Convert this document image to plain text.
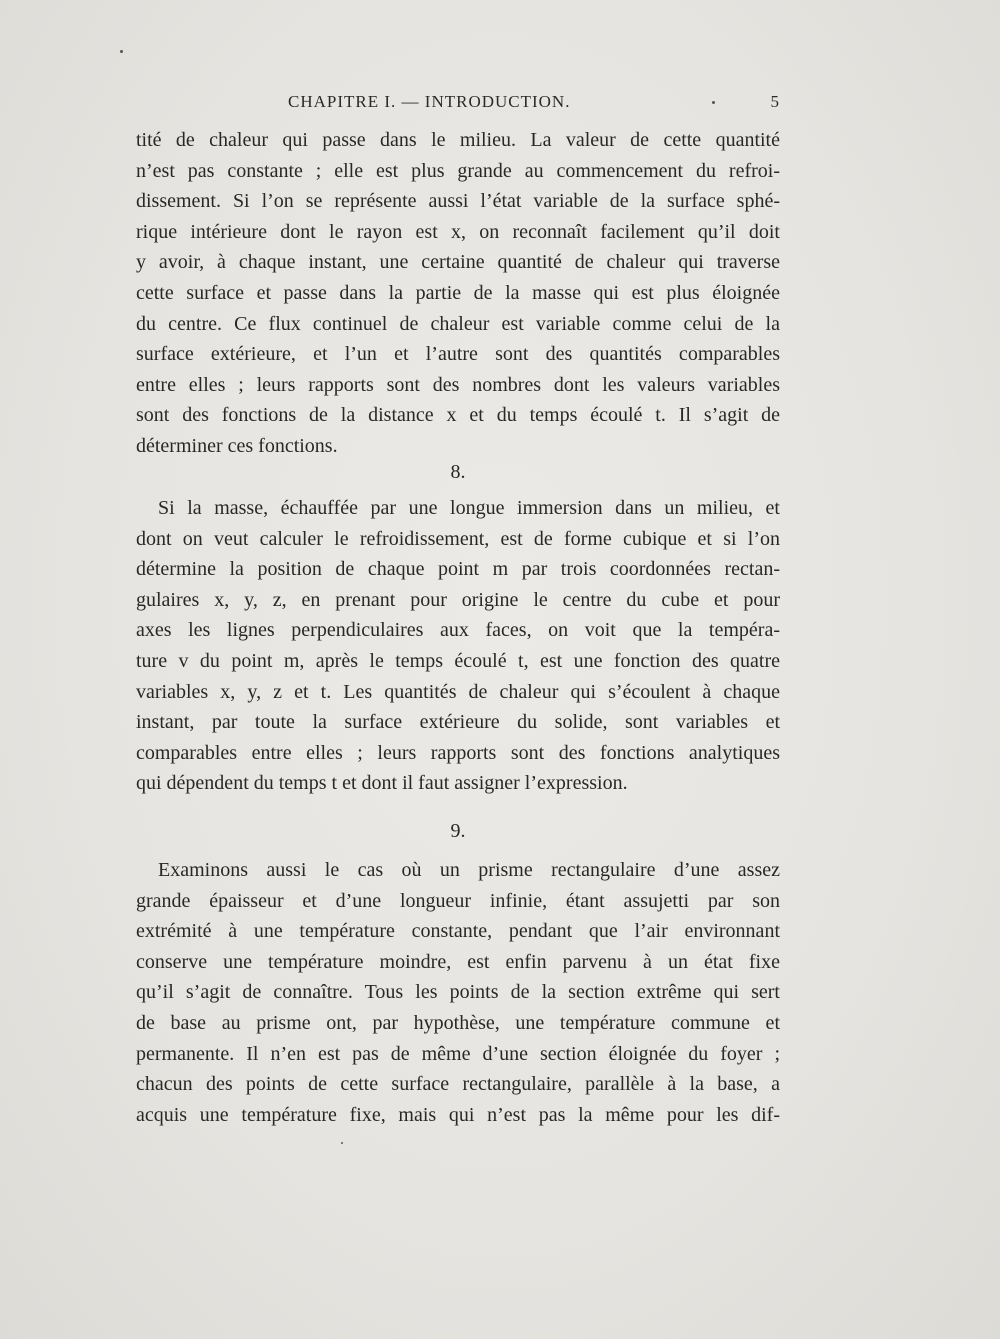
CHAPITRE I. — INTRODUCTION.	5
tité de chaleur qui passe dans le milieu. La valeur de cette quantité
n’est pas constante ; elle est plus grande au commencement du refroi-
dissement. Si l’on se représente aussi l’état variable de la surface sphé-
rique intérieure dont le rayon est x, on reconnaît facilement qu’il doit
y avoir, à chaque instant, une certaine quantité de chaleur qui traverse
cette surface et passe dans la partie de la masse qui est plus éloignée
du centre. Ce flux continuel de chaleur est variable comme celui de la
surface extérieure, et l’un et l’autre sont des quantités comparables
entre elles ; leurs rapports sont des nombres dont les valeurs variables
sont des fonctions de la distance x et du temps écoulé t. Il s’agit de
déterminer ces fonctions.
8.
Si la masse, échauffée par une longue immersion dans un milieu, et
dont on veut calculer le refroidissement, est de forme cubique et si l’on
détermine la position de chaque point m par trois coordonnées rectan-
gulaires x, y, z, en prenant pour origine le centre du cube et pour
axes les lignes perpendiculaires aux faces, on voit que la tempéra-
ture v du point m, après le temps écoulé t, est une fonction des quatre
variables x, y, z et t. Les quantités de chaleur qui s’écoulent à chaque
instant, par toute la surface extérieure du solide, sont variables et
comparables entre elles ; leurs rapports sont des fonctions analytiques
qui dépendent du temps t et dont il faut assigner l’expression.
9.
Examinons aussi le cas où un prisme rectangulaire d’une assez
grande épaisseur et d’une longueur infinie, étant assujetti par son
extrémité à une température constante, pendant que l’air environnant
conserve une température moindre, est enfin parvenu à un état fixe
qu’il s’agit de connaître. Tous les points de la section extrême qui sert
de base au prisme ont, par hypothèse, une température commune et
permanente. Il n’en est pas de même d’une section éloignée du foyer ;
chacun des points de cette surface rectangulaire, parallèle à la base, a
acquis une température fixe, mais qui n’est pas la même pour les dif-
